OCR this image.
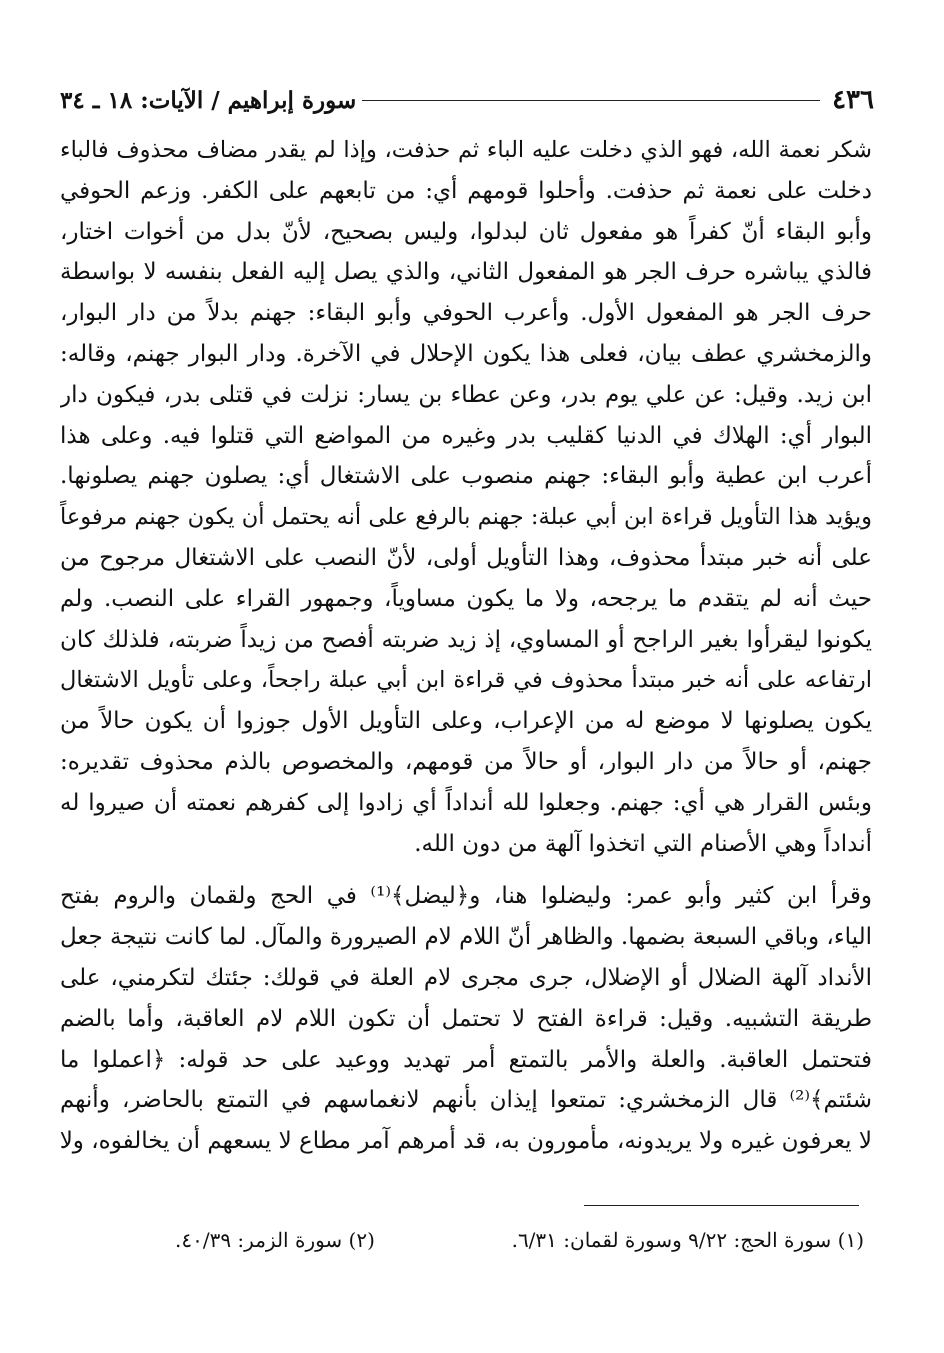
٤٣٦
سورة إبراهيم / الآيات: ١٨ ـ ٣٤
شكر نعمة الله، فهو الذي دخلت عليه الباء ثم حذفت، وإذا لم يقدر مضاف محذوف فالباء
دخلت على نعمة ثم حذفت. وأحلوا قومهم أي: من تابعهم على الكفر. وزعم الحوفي
وأبو البقاء أنّ كفراً هو مفعول ثان لبدلوا، وليس بصحيح، لأنّ بدل من أخوات اختار،
فالذي يباشره حرف الجر هو المفعول الثاني، والذي يصل إليه الفعل بنفسه لا بواسطة
حرف الجر هو المفعول الأول. وأعرب الحوفي وأبو البقاء: جهنم بدلاً من دار البوار،
والزمخشري عطف بيان، فعلى هذا يكون الإحلال في الآخرة. ودار البوار جهنم، وقاله:
ابن زيد. وقيل: عن علي يوم بدر، وعن عطاء بن يسار: نزلت في قتلى بدر، فيكون دار
البوار أي: الهلاك في الدنيا كقليب بدر وغيره من المواضع التي قتلوا فيه. وعلى هذا
أعرب ابن عطية وأبو البقاء: جهنم منصوب على الاشتغال أي: يصلون جهنم يصلونها.
ويؤيد هذا التأويل قراءة ابن أبي عبلة: جهنم بالرفع على أنه يحتمل أن يكون جهنم مرفوعاً
على أنه خبر مبتدأ محذوف، وهذا التأويل أولى، لأنّ النصب على الاشتغال مرجوح من
حيث أنه لم يتقدم ما يرجحه، ولا ما يكون مساوياً، وجمهور القراء على النصب. ولم
يكونوا ليقرأوا بغير الراجح أو المساوي، إذ زيد ضربته أفصح من زيداً ضربته، فلذلك كان
ارتفاعه على أنه خبر مبتدأ محذوف في قراءة ابن أبي عبلة راجحاً، وعلى تأويل الاشتغال
يكون يصلونها لا موضع له من الإعراب، وعلى التأويل الأول جوزوا أن يكون حالاً من
جهنم، أو حالاً من دار البوار، أو حالاً من قومهم، والمخصوص بالذم محذوف تقديره:
وبئس القرار هي أي: جهنم. وجعلوا لله أنداداً أي زادوا إلى كفرهم نعمته أن صيروا له
أنداداً وهي الأصنام التي اتخذوا آلهة من دون الله.
وقرأ ابن كثير وأبو عمر: وليضلوا هنا، و﴿ليضل﴾⁽¹⁾ في الحج ولقمان والروم بفتح
الياء، وباقي السبعة بضمها. والظاهر أنّ اللام لام الصيرورة والمآل. لما كانت نتيجة جعل
الأنداد آلهة الضلال أو الإضلال، جرى مجرى لام العلة في قولك: جئتك لتكرمني، على
طريقة التشبيه. وقيل: قراءة الفتح لا تحتمل أن تكون اللام لام العاقبة، وأما بالضم
فتحتمل العاقبة. والعلة والأمر بالتمتع أمر تهديد ووعيد على حد قوله: ﴿اعملوا ما
شئتم﴾⁽²⁾ قال الزمخشري: تمتعوا إيذان بأنهم لانغماسهم في التمتع بالحاضر، وأنهم
لا يعرفون غيره ولا يريدونه، مأمورون به، قد أمرهم آمر مطاع لا يسعهم أن يخالفوه، ولا
(١) سورة الحج: ٩/٢٢ وسورة لقمان: ٦/٣١.
(٢) سورة الزمر: ٤٠/٣٩.
